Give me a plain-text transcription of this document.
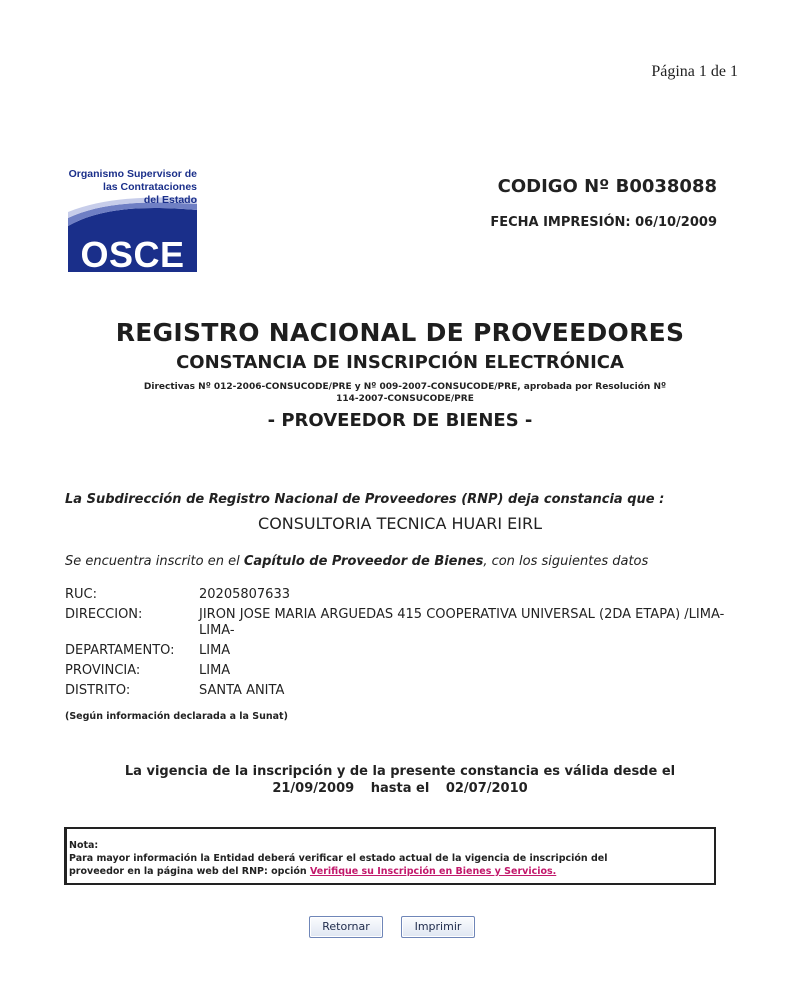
Página 1 de 1
Organismo Supervisor de
las Contrataciones
del Estado
OSCE
CODIGO Nº B0038088
FECHA IMPRESIÓN: 06/10/2009
REGISTRO NACIONAL DE PROVEEDORES
CONSTANCIA DE INSCRIPCIÓN ELECTRÓNICA
Directivas Nº 012-2006-CONSUCODE/PRE y Nº 009-2007-CONSUCODE/PRE, aprobada por Resolución Nº
114-2007-CONSUCODE/PRE
- PROVEEDOR DE BIENES -
La Subdirección de Registro Nacional de Proveedores (RNP) deja constancia que :
CONSULTORIA TECNICA HUARI EIRL
Se encuentra inscrito en el Capítulo de Proveedor de Bienes, con los siguientes datos
RUC:	20205807633
DIRECCION:	JIRON JOSE MARIA ARGUEDAS 415 COOPERATIVA UNIVERSAL (2DA ETAPA) /LIMA-LIMA-
DEPARTAMENTO:	LIMA
PROVINCIA:	LIMA
DISTRITO:	SANTA ANITA
(Según información declarada a la Sunat)
La vigencia de la inscripción y de la presente constancia es válida desde el
21/09/2009 hasta el 02/07/2010
Nota:
Para mayor información la Entidad deberá verificar el estado actual de la vigencia de inscripción del
proveedor en la página web del RNP: opción Verifique su Inscripción en Bienes y Servicios.
Retornar	Imprimir
